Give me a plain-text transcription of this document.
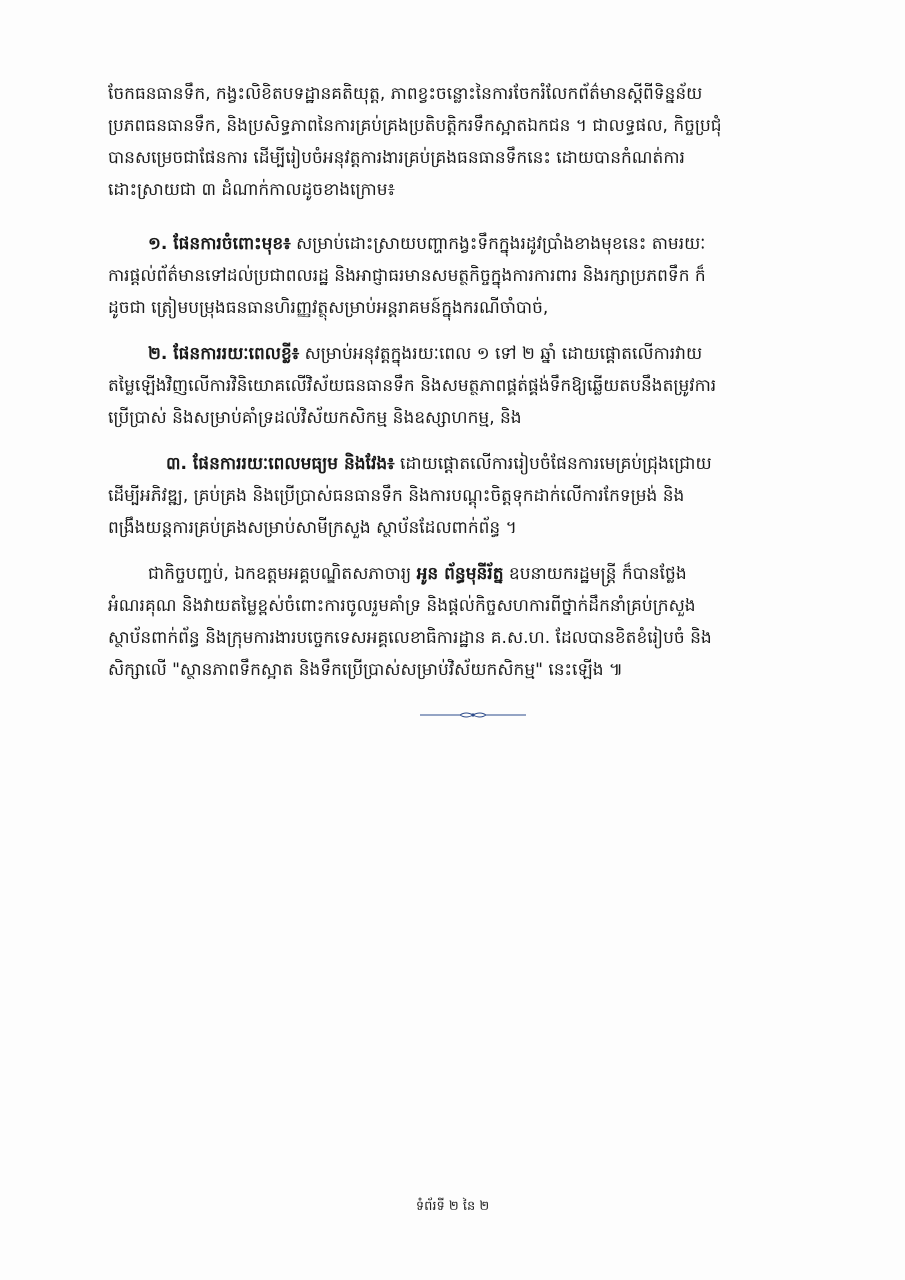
ចែកធនធានទឹក, កង្វះលិខិតបទដ្ឋានគតិយុត្ត, ភាពខ្វះចន្លោះនៃការចែករំលែកព័ត៌មានស្ដីពីទិន្នន័យ
ប្រភពធនធានទឹក, និងប្រសិទ្ធភាពនៃការគ្រប់គ្រងប្រតិបត្តិករទឹកស្អាតឯកជន ។ ជាលទ្ធផល, កិច្ចប្រជុំ
បានសម្រេចជាផែនការ ដើម្បីរៀបចំអនុវត្តការងារគ្រប់គ្រងធនធានទឹកនេះ ដោយបានកំណត់ការ
ដោះស្រាយជា ៣ ដំណាក់កាលដូចខាងក្រោម៖

១. ផែនការចំពោះមុខ៖ សម្រាប់ដោះស្រាយបញ្ហាកង្វះទឹកក្នុងរដូវប្រាំងខាងមុខនេះ តាមរយៈ
ការផ្ដល់ព័ត៌មានទៅដល់ប្រជាពលរដ្ឋ និងអាជ្ញាធរមានសមត្ថកិច្ចក្នុងការការពារ និងរក្សាប្រភពទឹក ក៏
ដូចជា ត្រៀមបម្រុងធនធានហិរញ្ញវត្ថុសម្រាប់អន្តរាគមន៍ក្នុងករណីចាំបាច់,

២. ផែនការរយៈពេលខ្លី៖ សម្រាប់អនុវត្តក្នុងរយៈពេល ១ ទៅ ២ ឆ្នាំ ដោយផ្ដោតលើការវាយ
តម្លៃឡើងវិញលើការវិនិយោគលើវិស័យធនធានទឹក និងសមត្ថភាពផ្គត់ផ្គង់ទឹកឱ្យឆ្លើយតបនឹងតម្រូវការ
ប្រើប្រាស់ និងសម្រាប់គាំទ្រដល់វិស័យកសិកម្ម និងឧស្សាហកម្ម, និង

៣. ផែនការរយៈពេលមធ្យម និងវែង៖ ដោយផ្ដោតលើការរៀបចំផែនការមេគ្រប់ជ្រុងជ្រោយ
ដើម្បីអភិវឌ្ឍ, គ្រប់គ្រង និងប្រើប្រាស់ធនធានទឹក និងការបណ្ដុះចិត្តទុកដាក់លើការកែទម្រង់ និង
ពង្រឹងយន្តការគ្រប់គ្រងសម្រាប់សាមីក្រសួង ស្ថាប័នដែលពាក់ព័ន្ធ ។

ជាកិច្ចបញ្ចប់, ឯកឧត្តមអគ្គបណ្ឌិតសភាចារ្យ អូន ព័ន្ធមុនីរ័ត្ន ឧបនាយករដ្ឋមន្ត្រី ក៏បានថ្លែង
អំណរគុណ និងវាយតម្លៃខ្ពស់ចំពោះការចូលរួមគាំទ្រ និងផ្ដល់កិច្ចសហការពីថ្នាក់ដឹកនាំគ្រប់ក្រសួង
ស្ថាប័នពាក់ព័ន្ធ និងក្រុមការងារបច្ចេកទេសអគ្គលេខាធិការដ្ឋាន គ.ស.ហ. ដែលបានខិតខំរៀបចំ និង
សិក្សាលើ "ស្ថានភាពទឹកស្អាត និងទឹកប្រើប្រាស់សម្រាប់វិស័យកសិកម្ម" នេះឡើង ៕

ទំព័រទី ២ នៃ ២
